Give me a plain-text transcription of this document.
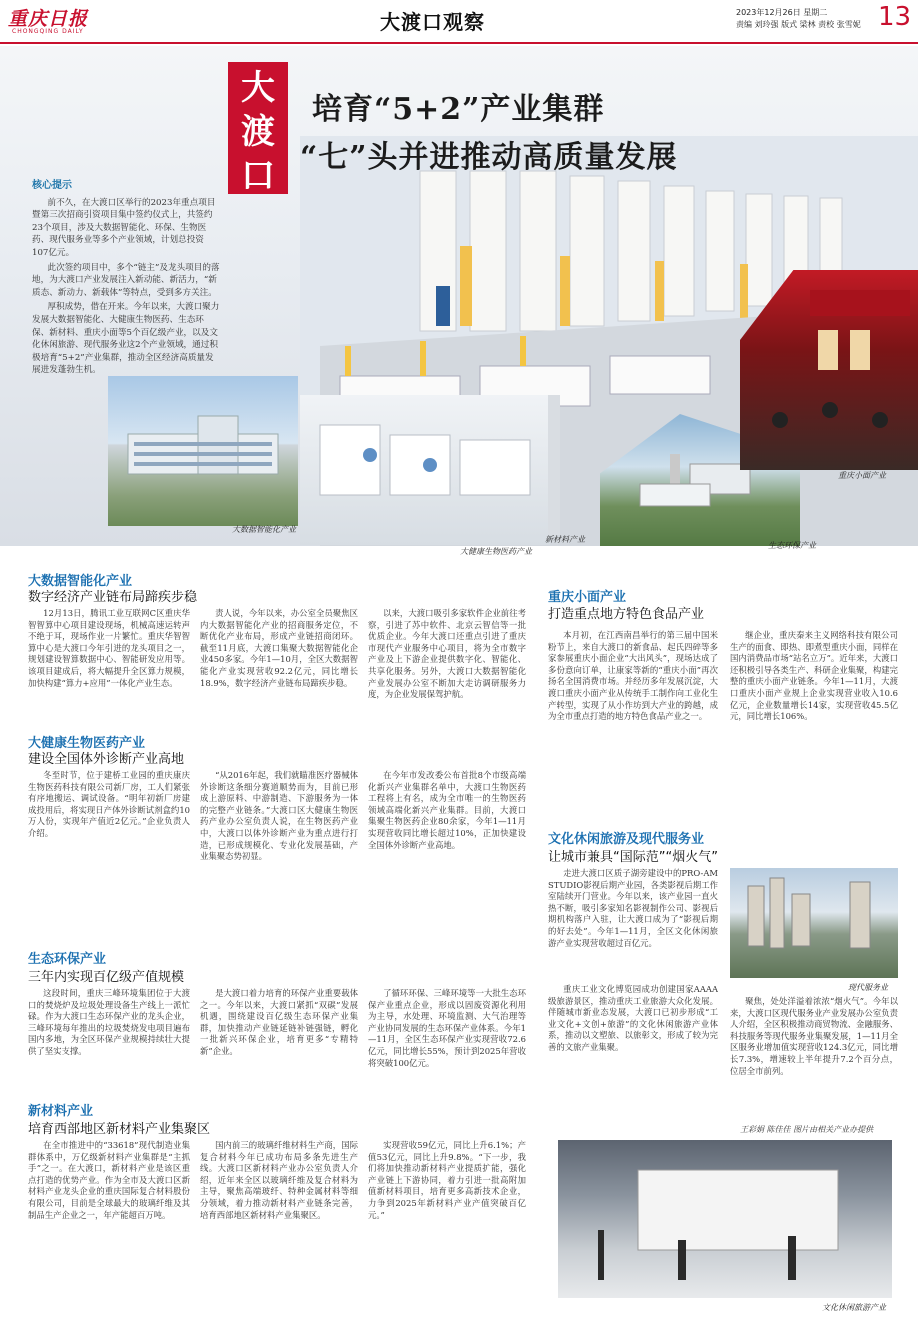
重庆日报
CHONGQING DAILY	大渡口观察	2023年12月26日 星期二
责编 刘玲强 版式 梁林 责校 张雪妮 13
大
渡
口
培育“5+2”产业集群
“七”头并进推动高质量发展
核心提示

前不久，在大渡口区举行的2023年重点项目暨第三次招商引资项目集中签约仪式上，共签约23个项目，涉及大数据智能化、环保、生物医药、现代服务业等多个产业领域，计划总投资107亿元。

此次签约项目中，多个“链主”及龙头项目的落地，为大渡口产业发展注入新动能、新活力，“新质态、新动力、新载体”等特点，受到多方关注。

厚积成势，借在开来。今年以来，大渡口聚力发展大数据智能化、大健康生物医药、生态环保、新材料、重庆小面等5个百亿级产业，以及文化休闲旅游、现代服务业这2个产业领域，通过积极培育“5+2”产业集群，推动全区经济高质量发展进发蓬勃生机。

大数据智能化产业
大健康生物医药产业
新材料产业
生态环保产业
重庆小面产业
大数据智能化产业
数字经济产业链布局蹄疾步稳

12月13日，腾讯工业互联网C区重庆华智智算中心项目建设现场，机械高速运转声不绝于耳，现场作业一片繁忙。重庆华智智算中心是大渡口今年引进的龙头项目之一，规划建设智算数据中心、智能研发应用等。该项目建成后，将大幅提升全区算力规模，加快构建“算力+应用”一体化产业生态。

责人说，今年以来，办公室全员聚焦区内大数据智能化产业的招商服务定位，不断优化产业布局，形成产业链招商闭环。截至11月底，大渡口集聚大数据智能化企业450多家。今年1—10月，全区大数据智能化产业实现营收92.2亿元，同比增长18.9%，数字经济产业链布局蹄疾步稳。

以来，大渡口吸引多家软件企业前往考察，引进了苏中软件、北京云智信等一批优质企业。今年大渡口还重点引进了重庆市现代产业服务中心项目，将为全市数字产业及上下游企业提供数字化、智能化、共享化服务。另外，大渡口大数据智能化产业发展办公室不断加大走访调研服务力度，为企业发展保驾护航。

大健康生物医药产业
建设全国体外诊断产业高地

冬至时节，位于建桥工业园的重庆康庆生物医药科技有限公司新厂房，工人们紧张有序地搬运、调试设备。“明年初新厂房建成投用后，将实现日产体外诊断试剂盒约10万人份，实现年产值近2亿元。”企业负责人介绍。

“从2016年起，我们就瞄准医疗器械体外诊断这条细分赛道顺势而为，目前已形成上游原料、中游制造、下游服务为一体的完整产业链条。”大渡口区大健康生物医药产业办公室负责人说，在生物医药产业中，大渡口以体外诊断产业为重点进行打造，已形成规模化、专业化发展基础，产业集聚态势初显。

在今年市发改委公布首批8个市级高端化新兴产业集群名单中，大渡口生物医药工程将上有名，成为全市唯一的生物医药领域高端化新兴产业集群。目前，大渡口集聚生物医药企业80余家，今年1—11月实现营收同比增长超过10%，正加快建设全国体外诊断产业高地。

生态环保产业
三年内实现百亿级产值规模

这段时间，重庆三峰环境集团位于大渡口的焚烧炉及垃圾处理设备生产线上一派忙碌。作为大渡口生态环保产业的龙头企业，三峰环境每年推出的垃圾焚烧发电项目遍布国内多地，为全区环保产业规模持续壮大提供了坚实支撑。

是大渡口着力培育的环保产业重要载体之一。今年以来，大渡口紧抓“双碳”发展机遇，围绕建设百亿级生态环保产业集群，加快推动产业链延链补链强链，孵化一批新兴环保企业，培育更多“专精特新”企业。

了循环环保、三峰环境等一大批生态环保产业重点企业，形成以固废资源化利用为主导，水处理、环境监测、大气治理等产业协同发展的生态环保产业体系。今年1—11月，全区生态环保产业实现营收72.6亿元，同比增长55%，预计到2025年营收将突破100亿元。

新材料产业
培育西部地区新材料产业集聚区

在全市推进中的“33618”现代制造业集群体系中，万亿级新材料产业集群是“主抓手”之一。在大渡口，新材料产业是该区重点打造的优势产业。作为全市及大渡口区新材料产业龙头企业的重庆国际复合材料股份有限公司，目前是全球最大的玻璃纤维及其制品生产企业之一，年产能超百万吨。

国内前三的玻璃纤维材料生产商，国际复合材料今年已成功布局多条先进生产线。大渡口区新材料产业办公室负责人介绍，近年来全区以玻璃纤维及复合材料为主导，聚焦高端玻纤、特种金属材料等细分领域，着力推动新材料产业链条完善，培育西部地区新材料产业集聚区。

实现营收59亿元，同比上升6.1%；产值53亿元，同比上升9.8%。“下一步，我们将加快推动新材料产业提质扩能，强化产业链上下游协同，着力引进一批高附加值新材料项目，培育更多高新技术企业，力争到2025年新材料产业产值突破百亿元。”

重庆小面产业
打造重点地方特色食品产业

本月初，在江西南昌举行的第三届中国米粉节上，来自大渡口的新食品、起氏四碎等多家参展重庆小面企业“大出风头”，现场达成了多份意向订单，让康家等新的“重庆小面”再次扬名全国消费市场。并经历多年发展沉淀，大渡口重庆小面产业从传统手工制作向工业化生产转型，实现了从小作坊到大产业的跨越，成为全市重点打造的地方特色食品产业之一。

继企业，重庆秦来主义网络科技有限公司生产的面食、即热、即煮型重庆小面，同样在国内消费品市场“站名立万”。近年来，大渡口还积极引导各类生产、科研企业集聚，构建完整的重庆小面产业链条。今年1—11月，大渡口重庆小面产业规上企业实现营业收入10.6亿元，企业数量增长14家，实现营收45.5亿元，同比增长106%。

文化休闲旅游及现代服务业
让城市兼具“国际范”“烟火气”

走进大渡口区质子湖旁建设中的PRO-AM STUDIO影视后期产业园，各类影视后期工作室陆续开门营业。今年以来，该产业园一直火热不断，吸引多家知名影视制作公司、影视后期机构落户入驻，让大渡口成为了“影视后期的好去处”。今年1—11月，全区文化休闲旅游产业实现营收超过百亿元。

现代服务业

重庆工业文化博览园成功创建国家AAAA级旅游景区，推动重庆工业旅游大众化发展。伴随城市新业态发展，大渡口已初步形成“工业文化+文创+旅游”的文化休闲旅游产业体系，推动以文塑旅、以旅彰文，形成了较为完善的文旅产业集聚。

聚焦，处处洋溢着浓浓“烟火气”。今年以来，大渡口区现代服务业产业发展办公室负责人介绍，全区积极推动商贸物流、金融服务、科技服务等现代服务业集聚发展，1—11月全区服务业增加值实现营收124.3亿元，同比增长7.3%，增速较上半年提升7.2个百分点，位居全市前列。

王彩娟 陈佳佳 图片由相关产业办提供
文化休闲旅游产业
